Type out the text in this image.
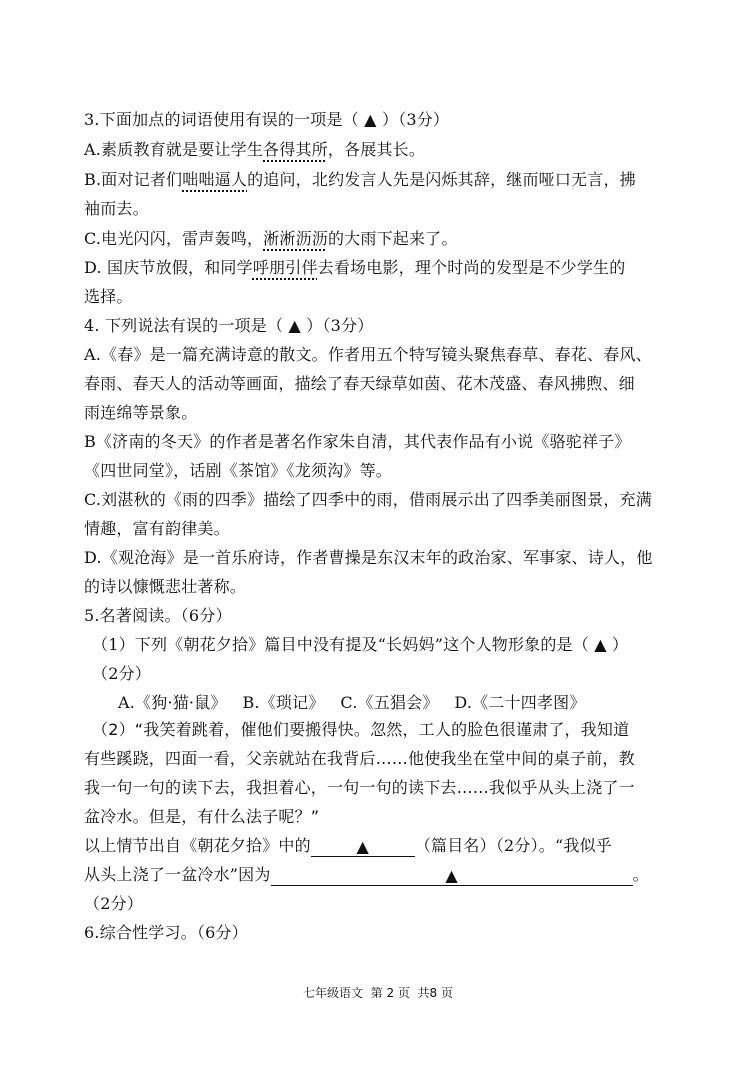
3.下面加点的词语使用有误的一项是（ ▲ ）（3分）
A.素质教育就是要让学生各得其所，各展其长。
B.面对记者们咄咄逼人的追问，北约发言人先是闪烁其辞，继而哑口无言，拂
袖而去。
C.电光闪闪，雷声轰鸣，淅淅沥沥的大雨下起来了。
D. 国庆节放假，和同学呼朋引伴去看场电影，理个时尚的发型是不少学生的
选择。
4. 下列说法有误的一项是（ ▲ ）（3分）
A.《春》是一篇充满诗意的散文。作者用五个特写镜头聚焦春草、春花、春风、
春雨、春天人的活动等画面，描绘了春天绿草如茵、花木茂盛、春风拂煦、细
雨连绵等景象。
B《济南的冬天》的作者是著名作家朱自清，其代表作品有小说《骆驼祥子》
《四世同堂》，话剧《茶馆》《龙须沟》等。
C.刘湛秋的《雨的四季》描绘了四季中的雨，借雨展示出了四季美丽图景，充满
情趣，富有韵律美。
D.《观沧海》是一首乐府诗，作者曹操是东汉末年的政治家、军事家、诗人，他
的诗以慷慨悲壮著称。
5.名著阅读。（6分）
（1）下列《朝花夕拾》篇目中没有提及“长妈妈”这个人物形象的是（ ▲ ）
（2分）
A.《狗·猫·鼠》   B.《琐记》   C.《五猖会》   D.《二十四孝图》
（2）“我笑着跳着，催他们要搬得快。忽然，工人的脸色很谨肃了，我知道
有些蹊跷，四面一看，父亲就站在我背后……他使我坐在堂中间的桌子前，教
我一句一句的读下去，我担着心，一句一句的读下去……我似乎从头上浇了一
盆冷水。但是，有什么法子呢？”
以上情节出自《朝花夕拾》中的	▲	（篇目名）（2分）。“我似乎
从头上浇了一盆冷水”因为	▲	。
（2分）
6.综合性学习。（6分）
七年级语文  第 2 页  共8 页
